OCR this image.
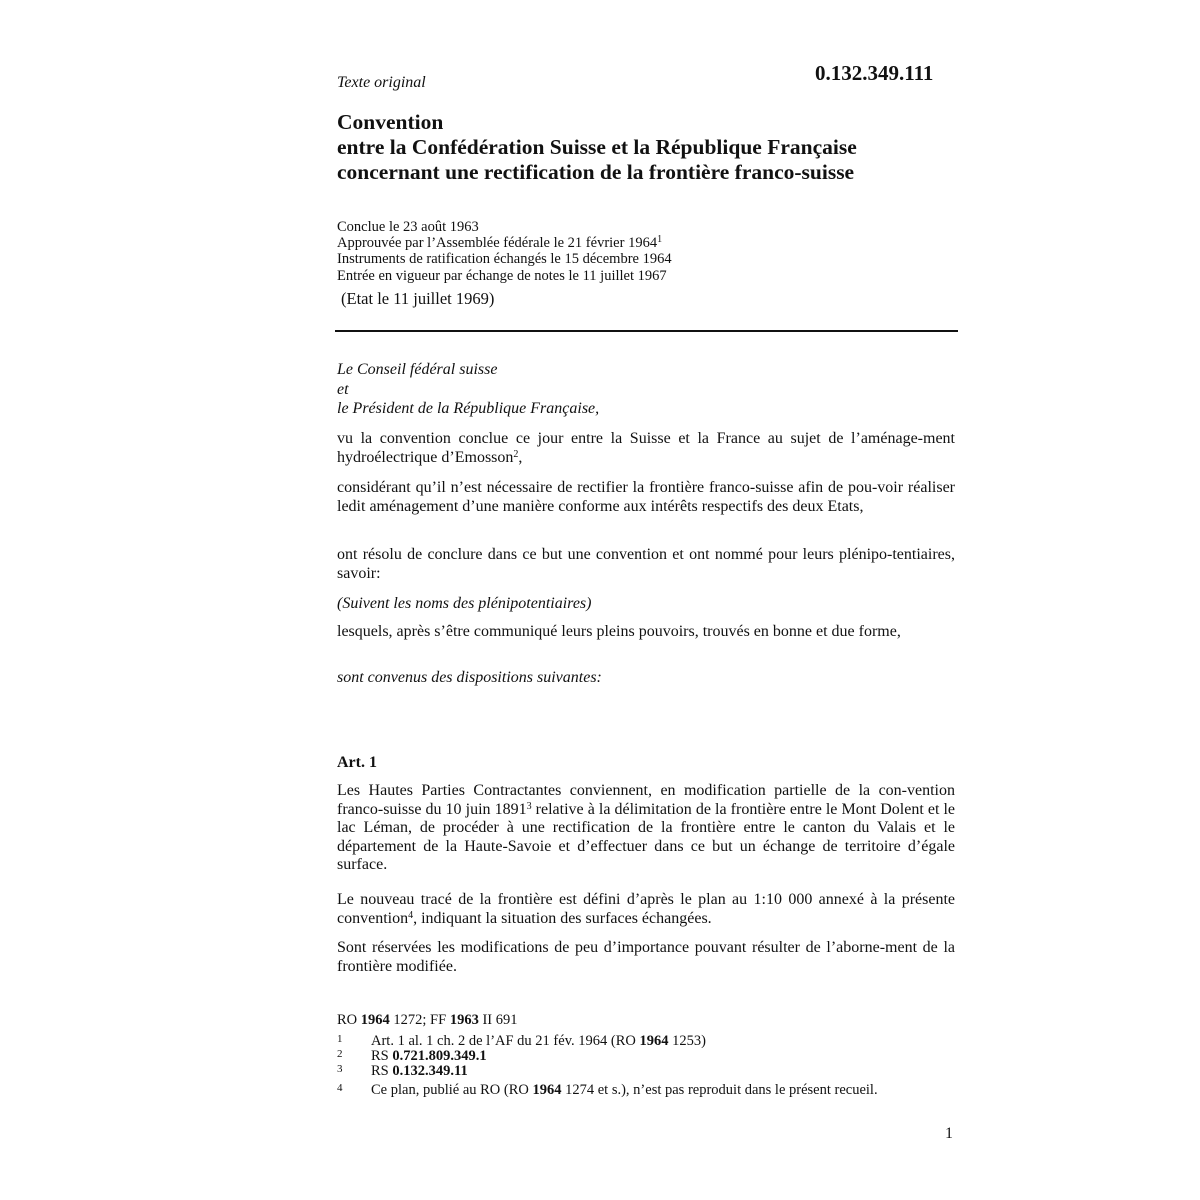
Texte original	0.132.349.111
Convention
entre la Confédération Suisse et la République Française
concernant une rectification de la frontière franco-suisse
Conclue le 23 août 1963
Approuvée par l’Assemblée fédérale le 21 février 1964$^1$
Instruments de ratification échangés le 15 décembre 1964
Entrée en vigueur par échange de notes le 11 juillet 1967
(Etat le 11 juillet 1969)
Le Conseil fédéral suisse
et
le Président de la République Française,
vu la convention conclue ce jour entre la Suisse et la France au sujet de l’aménage-ment hydroélectrique d’Emosson$^2$,
considérant qu’il n’est nécessaire de rectifier la frontière franco-suisse afin de pou-voir réaliser ledit aménagement d’une manière conforme aux intérêts respectifs des deux Etats,
ont résolu de conclure dans ce but une convention et ont nommé pour leurs plénipo-tentiaires, savoir:
(Suivent les noms des plénipotentiaires)
lesquels, après s’être communiqué leurs pleins pouvoirs, trouvés en bonne et due forme,
sont convenus des dispositions suivantes:
Art. 1
Les Hautes Parties Contractantes conviennent, en modification partielle de la con-vention franco-suisse du 10 juin 1891$^3$ relative à la délimitation de la frontière entre le Mont Dolent et le lac Léman, de procéder à une rectification de la frontière entre le canton du Valais et le département de la Haute-Savoie et d’effectuer dans ce but un échange de territoire d’égale surface.
Le nouveau tracé de la frontière est défini d’après le plan au 1:10 000 annexé à la présente convention$^4$, indiquant la situation des surfaces échangées.
Sont réservées les modifications de peu d’importance pouvant résulter de l’aborne-ment de la frontière modifiée.
RO 1964 1272; FF 1963 II 691
1 Art. 1 al. 1 ch. 2 de l’AF du 21 fév. 1964 (RO 1964 1253)
2 RS 0.721.809.349.1
3 RS 0.132.349.11
4 Ce plan, publié au RO (RO 1964 1274 et s.), n’est pas reproduit dans le présent recueil.
1
